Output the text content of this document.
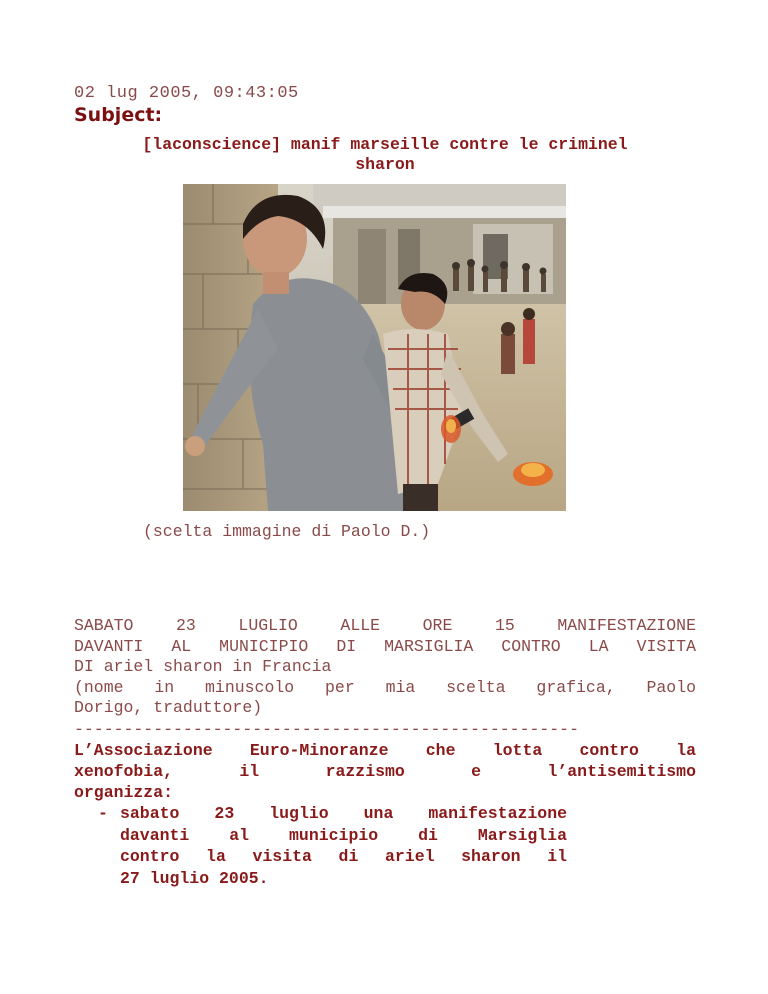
02 lug 2005, 09:43:05
Subject:
[laconscience] manif marseille contre le criminel
sharon
(scelta immagine di Paolo D.)

SABATO 23 LUGLIO ALLE ORE 15 MANIFESTAZIONE

DAVANTI AL MUNICIPIO DI MARSIGLIA CONTRO LA VISITA

DI ariel sharon in Francia

(nome in minuscolo per mia scelta grafica, Paolo

Dorigo, traduttore)

---------------------------------------------------

L’Associazione Euro-Minoranze che lotta contro la

xenofobia, il razzismo e l’antisemitismo

organizza:

- sabato 23 luglio una manifestazione

davanti al municipio di Marsiglia

contro la visita di ariel sharon il

27 luglio 2005.
